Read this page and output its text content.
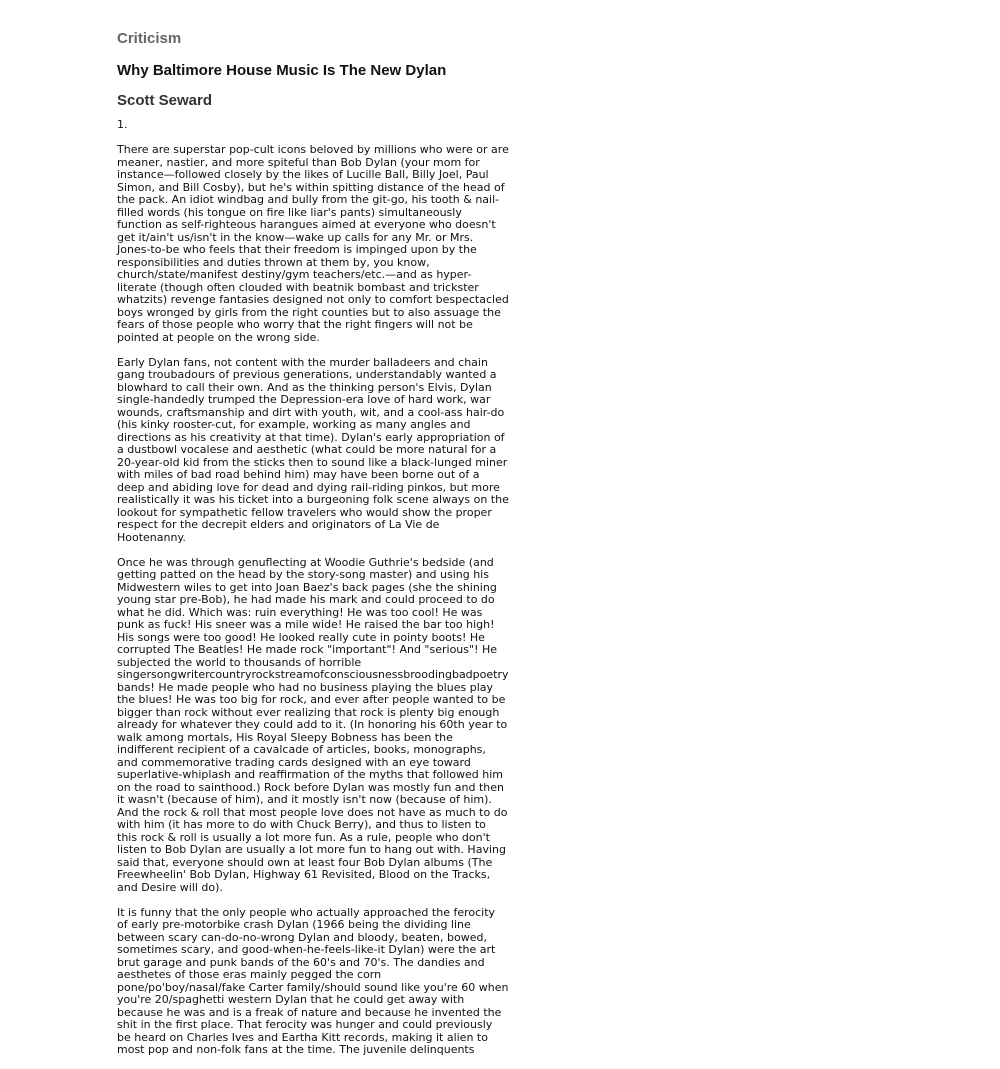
Criticism
Why Baltimore House Music Is The New Dylan
Scott Seward
1.

There are superstar pop-cult icons beloved by millions who were or are meaner, nastier, and more spiteful than Bob Dylan (your mom for instance—followed closely by the likes of Lucille Ball, Billy Joel, Paul Simon, and Bill Cosby), but he's within spitting distance of the head of the pack. An idiot windbag and bully from the git-go, his tooth & nail-filled words (his tongue on fire like liar's pants) simultaneously function as self-righteous harangues aimed at everyone who doesn't get it/ain't us/isn't in the know—wake up calls for any Mr. or Mrs. Jones-to-be who feels that their freedom is impinged upon by the responsibilities and duties thrown at them by, you know, church/state/manifest destiny/gym teachers/etc.—and as hyper-literate (though often clouded with beatnik bombast and trickster whatzits) revenge fantasies designed not only to comfort bespectacled boys wronged by girls from the right counties but to also assuage the fears of those people who worry that the right fingers will not be pointed at people on the wrong side.

Early Dylan fans, not content with the murder balladeers and chain gang troubadours of previous generations, understandably wanted a blowhard to call their own. And as the thinking person's Elvis, Dylan single-handedly trumped the Depression-era love of hard work, war wounds, craftsmanship and dirt with youth, wit, and a cool-ass hair-do (his kinky rooster-cut, for example, working as many angles and directions as his creativity at that time). Dylan's early appropriation of a dustbowl vocalese and aesthetic (what could be more natural for a 20-year-old kid from the sticks then to sound like a black-lunged miner with miles of bad road behind him) may have been borne out of a deep and abiding love for dead and dying rail-riding pinkos, but more realistically it was his ticket into a burgeoning folk scene always on the lookout for sympathetic fellow travelers who would show the proper respect for the decrepit elders and originators of La Vie de Hootenanny.

Once he was through genuflecting at Woodie Guthrie's bedside (and getting patted on the head by the story-song master) and using his Midwestern wiles to get into Joan Baez's back pages (she the shining young star pre-Bob), he had made his mark and could proceed to do what he did. Which was: ruin everything! He was too cool! He was punk as fuck! His sneer was a mile wide! He raised the bar too high! His songs were too good! He looked really cute in pointy boots! He corrupted The Beatles! He made rock "important"! And "serious"! He subjected the world to thousands of horrible singersongwritercountryrockstreamofconsciousnessbroodingbadpoetry bands! He made people who had no business playing the blues play the blues! He was too big for rock, and ever after people wanted to be bigger than rock without ever realizing that rock is plenty big enough already for whatever they could add to it. (In honoring his 60th year to walk among mortals, His Royal Sleepy Bobness has been the indifferent recipient of a cavalcade of articles, books, monographs, and commemorative trading cards designed with an eye toward superlative-whiplash and reaffirmation of the myths that followed him on the road to sainthood.) Rock before Dylan was mostly fun and then it wasn't (because of him), and it mostly isn't now (because of him). And the rock & roll that most people love does not have as much to do with him (it has more to do with Chuck Berry), and thus to listen to this rock & roll is usually a lot more fun. As a rule, people who don't listen to Bob Dylan are usually a lot more fun to hang out with. Having said that, everyone should own at least four Bob Dylan albums (The Freewheelin' Bob Dylan, Highway 61 Revisited, Blood on the Tracks, and Desire will do).

It is funny that the only people who actually approached the ferocity of early pre-motorbike crash Dylan (1966 being the dividing line between scary can-do-no-wrong Dylan and bloody, beaten, bowed, sometimes scary, and good-when-he-feels-like-it Dylan) were the art brut garage and punk bands of the 60's and 70's. The dandies and aesthetes of those eras mainly pegged the corn pone/po'boy/nasal/fake Carter family/should sound like you're 60 when you're 20/spaghetti western Dylan that he could get away with because he was and is a freak of nature and because he invented the shit in the first place. That ferocity was hunger and could previously be heard on Charles Ives and Eartha Kitt records, making it alien to most pop and non-folk fans at the time. The juvenile delinquents
